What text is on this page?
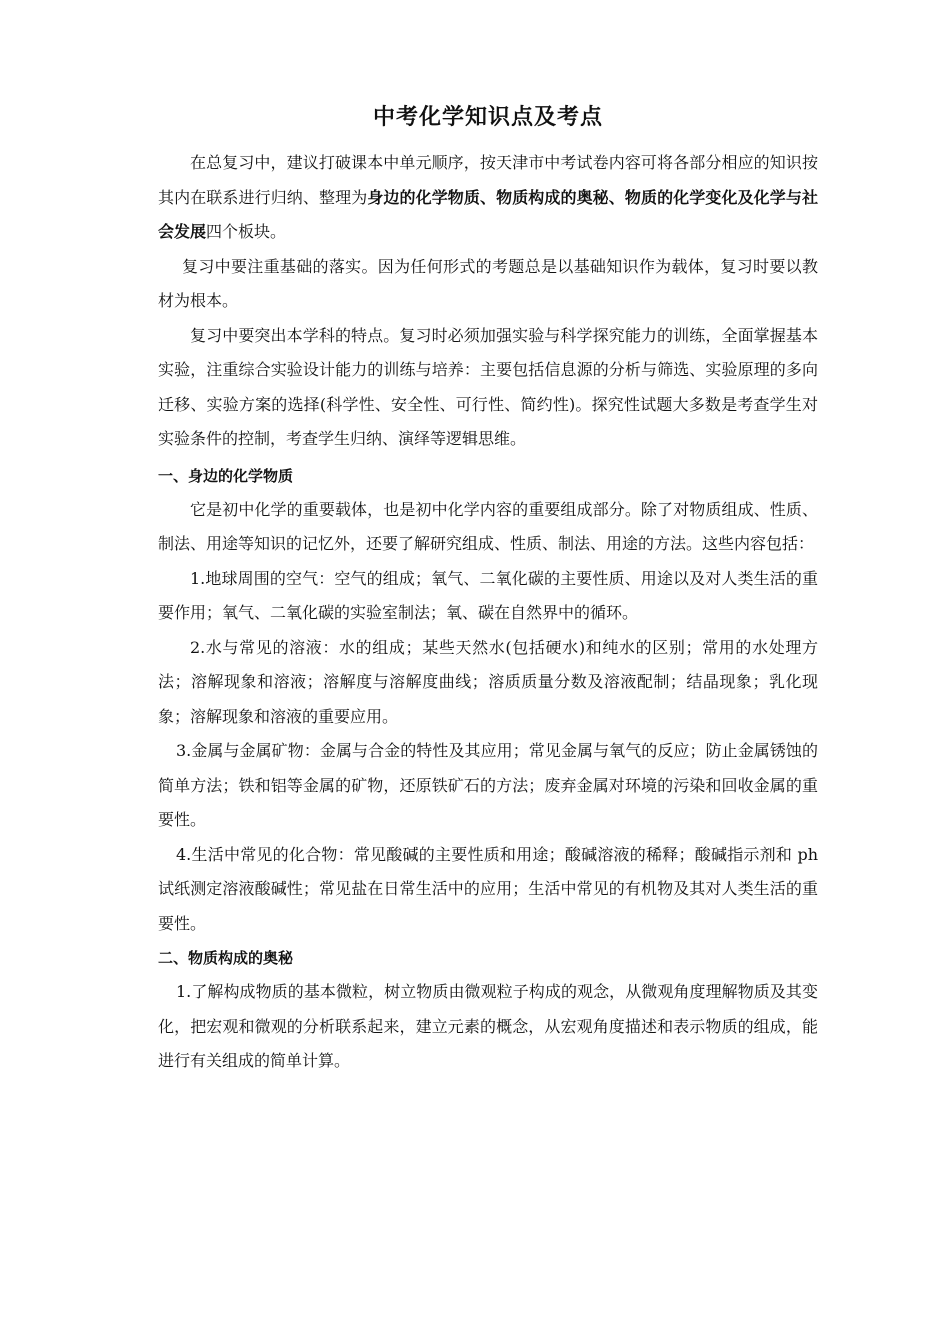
中考化学知识点及考点

在总复习中，建议打破课本中单元顺序，按天津市中考试卷内容可将各部分相应的知识按其内在联系进行归纳、整理为身边的化学物质、物质构成的奥秘、物质的化学变化及化学与社会发展四个板块。

复习中要注重基础的落实。因为任何形式的考题总是以基础知识作为载体，复习时要以教材为根本。

复习中要突出本学科的特点。复习时必须加强实验与科学探究能力的训练，全面掌握基本实验，注重综合实验设计能力的训练与培养：主要包括信息源的分析与筛选、实验原理的多向迁移、实验方案的选择(科学性、安全性、可行性、简约性)。探究性试题大多数是考查学生对实验条件的控制，考查学生归纳、演绎等逻辑思维。

一、身边的化学物质

它是初中化学的重要载体，也是初中化学内容的重要组成部分。除了对物质组成、性质、制法、用途等知识的记忆外，还要了解研究组成、性质、制法、用途的方法。这些内容包括：

1.地球周围的空气：空气的组成；氧气、二氧化碳的主要性质、用途以及对人类生活的重要作用；氧气、二氧化碳的实验室制法；氧、碳在自然界中的循环。

2.水与常见的溶液：水的组成；某些天然水(包括硬水)和纯水的区别；常用的水处理方法；溶解现象和溶液；溶解度与溶解度曲线；溶质质量分数及溶液配制；结晶现象；乳化现象；溶解现象和溶液的重要应用。

3.金属与金属矿物：金属与合金的特性及其应用；常见金属与氧气的反应；防止金属锈蚀的简单方法；铁和铝等金属的矿物，还原铁矿石的方法；废弃金属对环境的污染和回收金属的重要性。

4.生活中常见的化合物：常见酸碱的主要性质和用途；酸碱溶液的稀释；酸碱指示剂和 ph 试纸测定溶液酸碱性；常见盐在日常生活中的应用；生活中常见的有机物及其对人类生活的重要性。

二、物质构成的奥秘

1.了解构成物质的基本微粒，树立物质由微观粒子构成的观念，从微观角度理解物质及其变化，把宏观和微观的分析联系起来，建立元素的概念，从宏观角度描述和表示物质的组成，能进行有关组成的简单计算。
